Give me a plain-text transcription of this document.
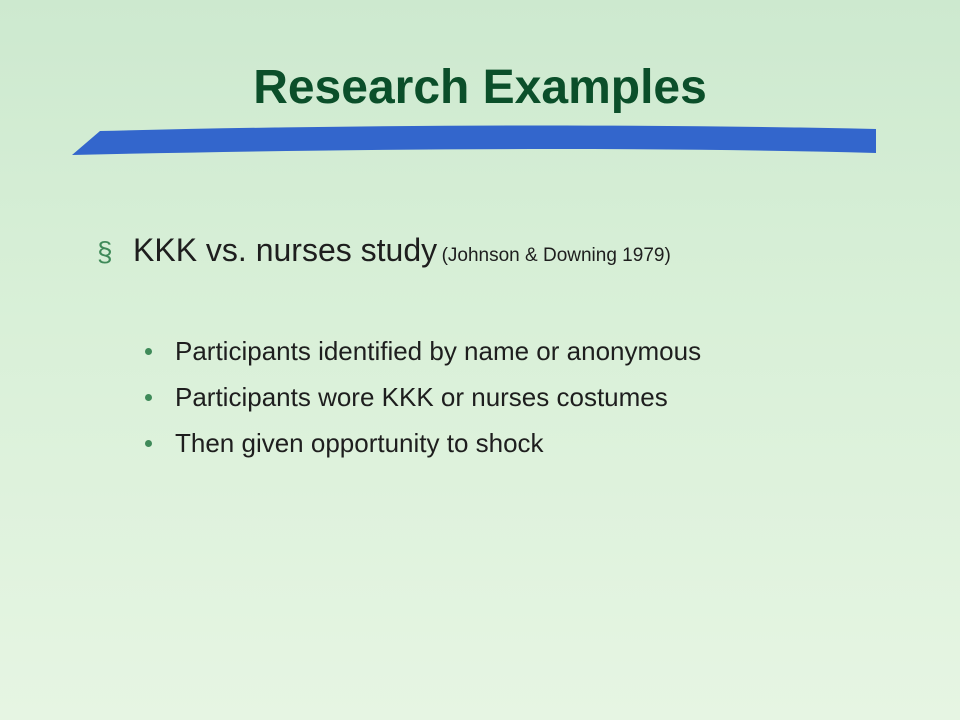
Research Examples
§ KKK vs. nurses study (Johnson & Downing 1979)
Participants identified by name or anonymous
Participants wore KKK or nurses costumes
Then given opportunity to shock
